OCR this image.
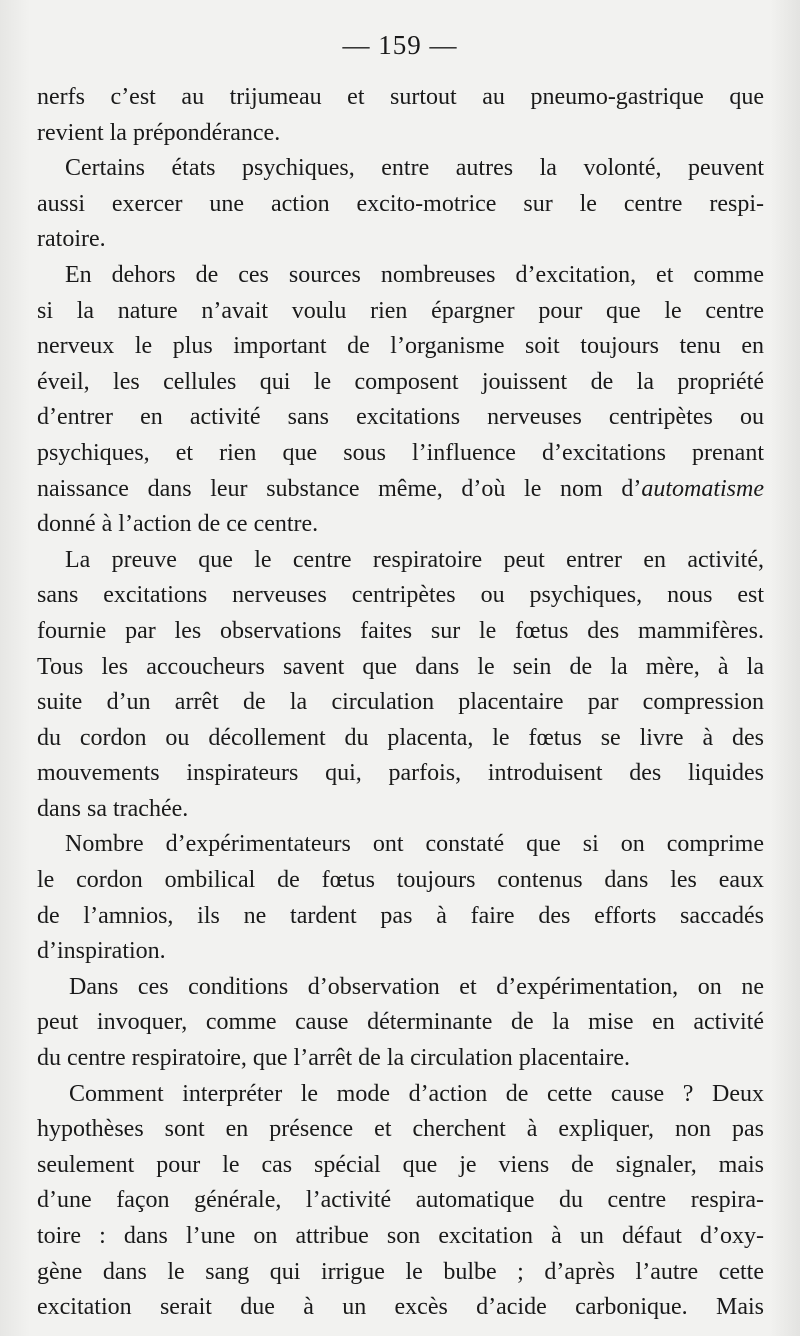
— 159 —

nerfs c’est au trijumeau et surtout au pneumo-gastrique que

revient la prépondérance.

Certains états psychiques, entre autres la volonté, peuvent

aussi exercer une action excito-motrice sur le centre respi-

ratoire.

En dehors de ces sources nombreuses d’excitation, et comme

si la nature n’avait voulu rien épargner pour que le centre

nerveux le plus important de l’organisme soit toujours tenu en

éveil, les cellules qui le composent jouissent de la propriété

d’entrer en activité sans excitations nerveuses centripètes ou

psychiques, et rien que sous l’influence d’excitations prenant

naissance dans leur substance même, d’où le nom d’automatisme

donné à l’action de ce centre.

La preuve que le centre respiratoire peut entrer en activité,

sans excitations nerveuses centripètes ou psychiques, nous est

fournie par les observations faites sur le fœtus des mammifères.

Tous les accoucheurs savent que dans le sein de la mère, à la

suite d’un arrêt de la circulation placentaire par compression

du cordon ou décollement du placenta, le fœtus se livre à des

mouvements inspirateurs qui, parfois, introduisent des liquides

dans sa trachée.

Nombre d’expérimentateurs ont constaté que si on comprime

le cordon ombilical de fœtus toujours contenus dans les eaux

de l’amnios, ils ne tardent pas à faire des efforts saccadés

d’inspiration.

Dans ces conditions d’observation et d’expérimentation, on ne

peut invoquer, comme cause déterminante de la mise en activité

du centre respiratoire, que l’arrêt de la circulation placentaire.

Comment interpréter le mode d’action de cette cause ? Deux

hypothèses sont en présence et cherchent à expliquer, non pas

seulement pour le cas spécial que je viens de signaler, mais

d’une façon générale, l’activité automatique du centre respira-

toire : dans l’une on attribue son excitation à un défaut d’oxy-

gène dans le sang qui irrigue le bulbe ; d’après l’autre cette

excitation serait due à un excès d’acide carbonique. Mais
